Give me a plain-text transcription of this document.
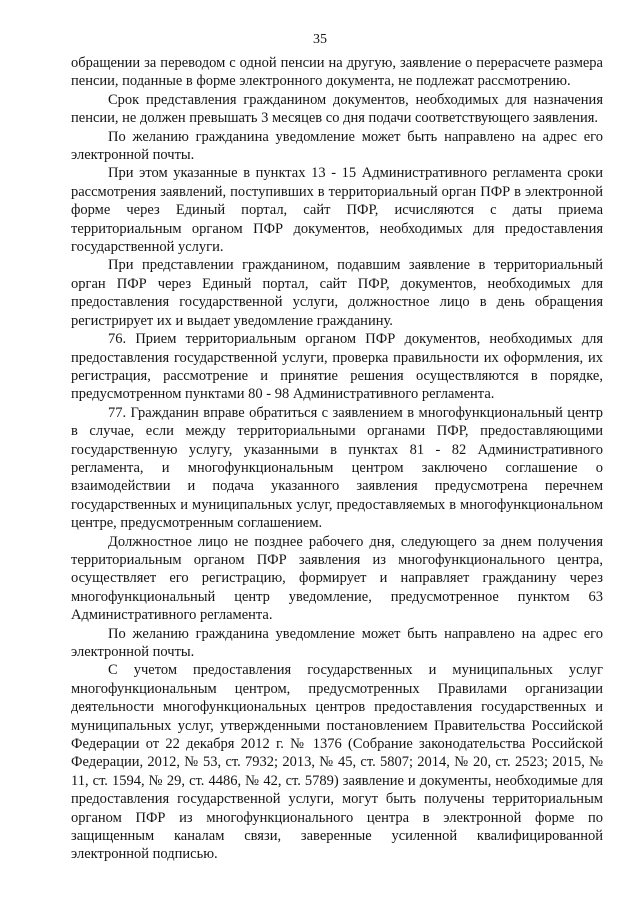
35

обращении за переводом с одной пенсии на другую, заявление о перерасчете размера пенсии, поданные в форме электронного документа, не подлежат рассмотрению.

Срок представления гражданином документов, необходимых для назначения пенсии, не должен превышать 3 месяцев со дня подачи соответствующего заявления.

По желанию гражданина уведомление может быть направлено на адрес его электронной почты.

При этом указанные в пунктах 13 - 15 Административного регламента сроки рассмотрения заявлений, поступивших в территориальный орган ПФР в электронной форме через Единый портал, сайт ПФР, исчисляются с даты приема территориальным органом ПФР документов, необходимых для предоставления государственной услуги.

При представлении гражданином, подавшим заявление в территориальный орган ПФР через Единый портал, сайт ПФР, документов, необходимых для предоставления государственной услуги, должностное лицо в день обращения регистрирует их и выдает уведомление гражданину.

76. Прием территориальным органом ПФР документов, необходимых для предоставления государственной услуги, проверка правильности их оформления, их регистрация, рассмотрение и принятие решения осуществляются в порядке, предусмотренном пунктами 80 - 98 Административного регламента.

77. Гражданин вправе обратиться с заявлением в многофункциональный центр в случае, если между территориальными органами ПФР, предоставляющими государственную услугу, указанными в пунктах 81 - 82 Административного регламента, и многофункциональным центром заключено соглашение о взаимодействии и подача указанного заявления предусмотрена перечнем государственных и муниципальных услуг, предоставляемых в многофункциональном центре, предусмотренным соглашением.

Должностное лицо не позднее рабочего дня, следующего за днем получения территориальным органом ПФР заявления из многофункционального центра, осуществляет его регистрацию, формирует и направляет гражданину через многофункциональный центр уведомление, предусмотренное пунктом 63 Административного регламента.

По желанию гражданина уведомление может быть направлено на адрес его электронной почты.

С учетом предоставления государственных и муниципальных услуг многофункциональным центром, предусмотренных Правилами организации деятельности многофункциональных центров предоставления государственных и муниципальных услуг, утвержденными постановлением Правительства Российской Федерации от 22 декабря 2012 г. № 1376 (Собрание законодательства Российской Федерации, 2012, № 53, ст. 7932; 2013, № 45, ст. 5807; 2014, № 20, ст. 2523; 2015, № 11, ст. 1594, № 29, ст. 4486, № 42, ст. 5789) заявление и документы, необходимые для предоставления государственной услуги, могут быть получены территориальным органом ПФР из многофункционального центра в электронной форме по защищенным каналам связи, заверенные усиленной квалифицированной электронной подписью.
